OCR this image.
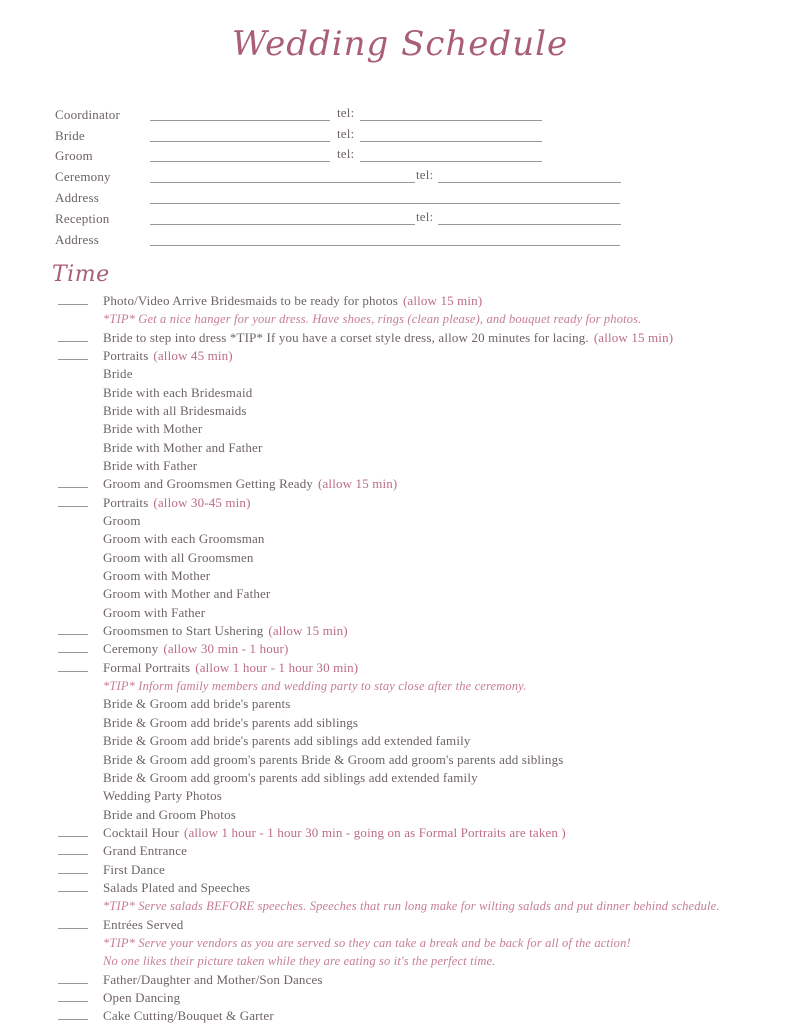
Wedding Schedule
Coordinator	tel:
Bride	tel:
Groom	tel:
Ceremony	tel:
Address
Reception	tel:
Address
Time
Photo/Video Arrive Bridesmaids to be ready for photos (allow 15 min)
*TIP* Get a nice hanger for your dress. Have shoes, rings (clean please), and bouquet ready for photos.
Bride to step into dress *TIP* If you have a corset style dress, allow 20 minutes for lacing. (allow 15 min)
Portraits (allow 45 min)
Bride
Bride with each Bridesmaid
Bride with all Bridesmaids
Bride with Mother
Bride with Mother and Father
Bride with Father
Groom and Groomsmen Getting Ready (allow 15 min)
Portraits (allow 30-45 min)
Groom
Groom with each Groomsman
Groom with all Groomsmen
Groom with Mother
Groom with Mother and Father
Groom with Father
Groomsmen to Start Ushering (allow 15 min)
Ceremony (allow 30 min - 1 hour)
Formal Portraits (allow 1 hour - 1 hour 30 min)
*TIP* Inform family members and wedding party to stay close after the ceremony.
Bride & Groom add bride's parents
Bride & Groom add bride's parents add siblings
Bride & Groom add bride's parents add siblings add extended family
Bride & Groom add groom's parents Bride & Groom add groom's parents add siblings
Bride & Groom add groom's parents add siblings add extended family
Wedding Party Photos
Bride and Groom Photos
Cocktail Hour (allow 1 hour - 1 hour 30 min - going on as Formal Portraits are taken )
Grand Entrance
First Dance
Salads Plated and Speeches
*TIP* Serve salads BEFORE speeches. Speeches that run long make for wilting salads and put dinner behind schedule.
Entrées Served
*TIP* Serve your vendors as you are served so they can take a break and be back for all of the action!
No one likes their picture taken while they are eating so it's the perfect time.
Father/Daughter and Mother/Son Dances
Open Dancing
Cake Cutting/Bouquet & Garter
